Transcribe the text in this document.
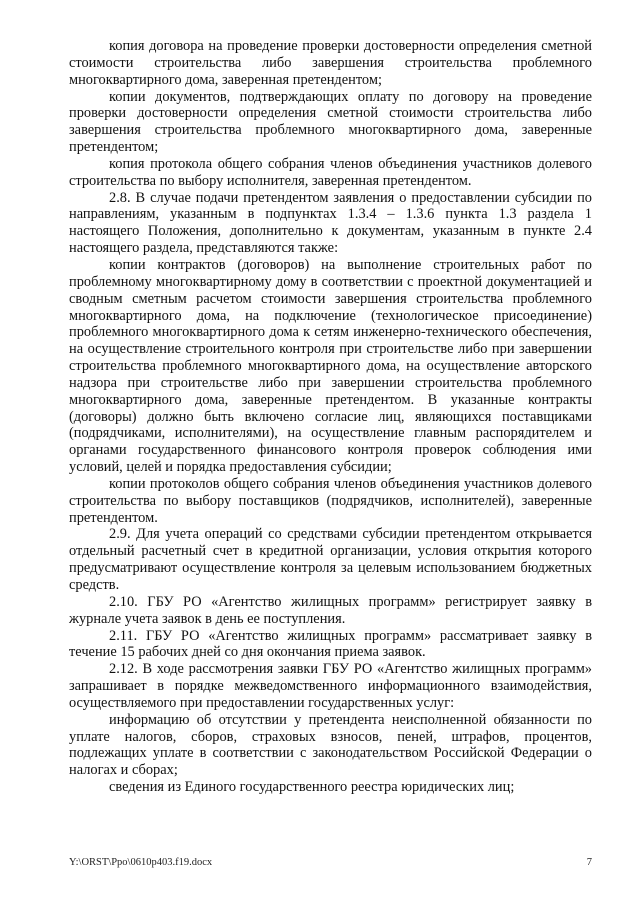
копия договора на проведение проверки достоверности определения сметной стоимости строительства либо завершения строительства проблемного многоквартирного дома, заверенная претендентом;

копии документов, подтверждающих оплату по договору на проведение проверки достоверности определения сметной стоимости строительства либо завершения строительства проблемного многоквартирного дома, заверенные претендентом;

копия протокола общего собрания членов объединения участников долевого строительства по выбору исполнителя, заверенная претендентом.

2.8. В случае подачи претендентом заявления о предоставлении субсидии по направлениям, указанным в подпунктах 1.3.4 – 1.3.6 пункта 1.3 раздела 1 настоящего Положения, дополнительно к документам, указанным в пункте 2.4 настоящего раздела, представляются также:

копии контрактов (договоров) на выполнение строительных работ по проблемному многоквартирному дому в соответствии с проектной документацией и сводным сметным расчетом стоимости завершения строительства проблемного многоквартирного дома, на подключение (технологическое присоединение) проблемного многоквартирного дома к сетям инженерно-технического обеспечения, на осуществление строительного контроля при строительстве либо при завершении строительства проблемного многоквартирного дома, на осуществление авторского надзора при строительстве либо при завершении строительства проблемного многоквартирного дома, заверенные претендентом. В указанные контракты (договоры) должно быть включено согласие лиц, являющихся поставщиками (подрядчиками, исполнителями), на осуществление главным распорядителем и органами государственного финансового контроля проверок соблюдения ими условий, целей и порядка предоставления субсидии;

копии протоколов общего собрания членов объединения участников долевого строительства по выбору поставщиков (подрядчиков, исполнителей), заверенные претендентом.

2.9. Для учета операций со средствами субсидии претендентом открывается отдельный расчетный счет в кредитной организации, условия открытия которого предусматривают осуществление контроля за целевым использованием бюджетных средств.

2.10. ГБУ РО «Агентство жилищных программ» регистрирует заявку в журнале учета заявок в день ее поступления.

2.11. ГБУ РО «Агентство жилищных программ» рассматривает заявку в течение 15 рабочих дней со дня окончания приема заявок.

2.12. В ходе рассмотрения заявки ГБУ РО «Агентство жилищных программ» запрашивает в порядке межведомственного информационного взаимодействия, осуществляемого при предоставлении государственных услуг:

информацию об отсутствии у претендента неисполненной обязанности по уплате налогов, сборов, страховых взносов, пеней, штрафов, процентов, подлежащих уплате в соответствии с законодательством Российской Федерации о налогах и сборах;

сведения из Единого государственного реестра юридических лиц;

Y:\ORST\Ppo\0610p403.f19.docx	7
